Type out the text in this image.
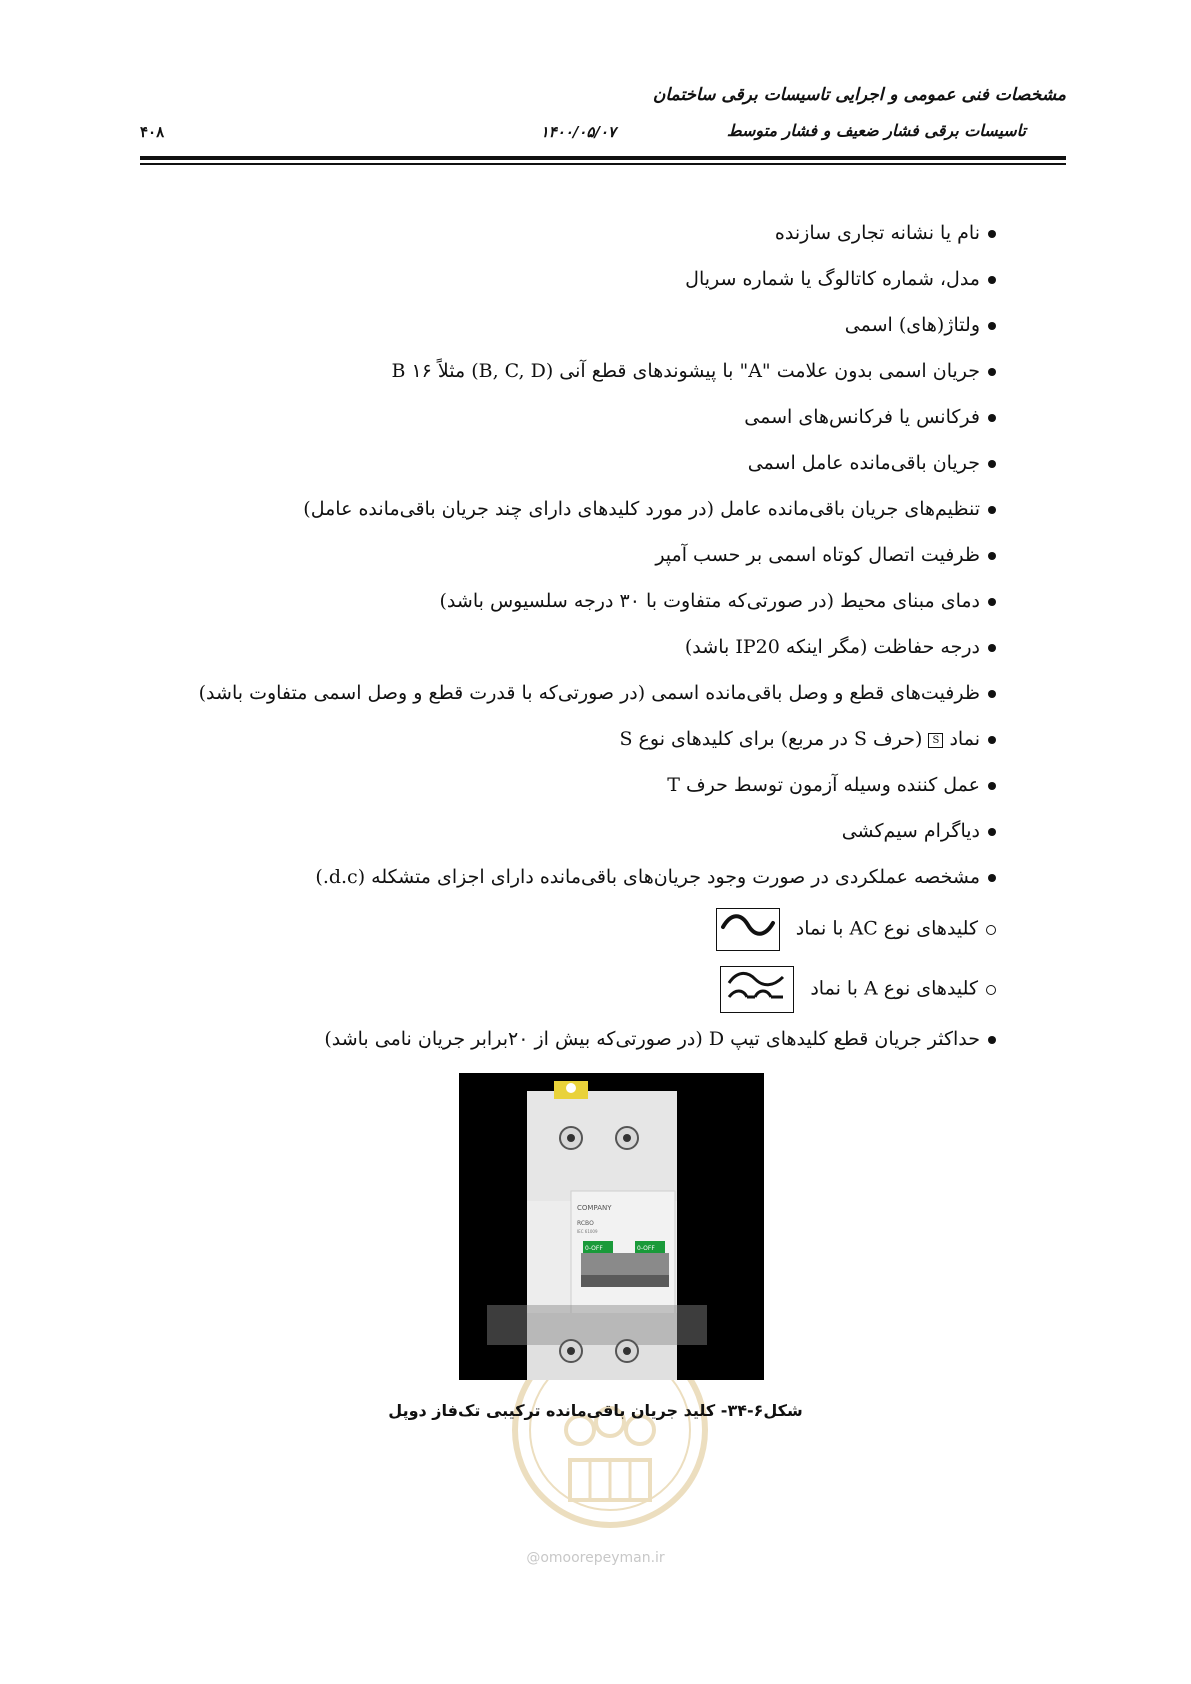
مشخصات فنی عمومی و اجرایی تاسیسات برقی ساختمان
تاسیسات برقی فشار ضعیف و فشار متوسط
۱۴۰۰/۰۵/۰۷
۴۰۸
نام یا نشانه تجاری سازنده
مدل، شماره کاتالوگ یا شماره سریال
ولتاژ(های) اسمی
جریان اسمی بدون علامت "A" با پیشوندهای قطع آنی (B, C, D) مثلاً B ۱۶
فرکانس یا فرکانس‌های اسمی
جریان باقی‌مانده عامل اسمی
تنظیم‌های جریان باقی‌مانده عامل (در مورد کلیدهای دارای چند جریان باقی‌مانده عامل)
ظرفیت اتصال کوتاه اسمی بر حسب آمپر
دمای مبنای محیط (در صورتی‌که متفاوت با ۳۰ درجه سلسیوس باشد)
درجه حفاظت (مگر اینکه IP20 باشد)
ظرفیت‌های قطع و وصل باقی‌مانده اسمی (در صورتی‌که با قدرت قطع و وصل اسمی متفاوت باشد)
نماد S (حرف S در مربع) برای کلیدهای نوع S
عمل کننده وسیله آزمون توسط حرف T
دیاگرام سیم‌کشی
مشخصه عملکردی در صورت وجود جریان‌های باقی‌مانده دارای اجزای متشکله (d.c.)
کلیدهای نوع AC با نماد
کلیدهای نوع A با نماد
حداکثر جریان قطع کلیدهای تیپ D (در صورتی‌که بیش از ۲۰برابر جریان نامی باشد)
COMPANY
RCBO
IEC 61009
0-OFF	0-OFF
شکل۶-۳۴- کلید جریان باقی‌مانده ترکیبی تک‌فاز دوپل
@omoorepeyman.ir
